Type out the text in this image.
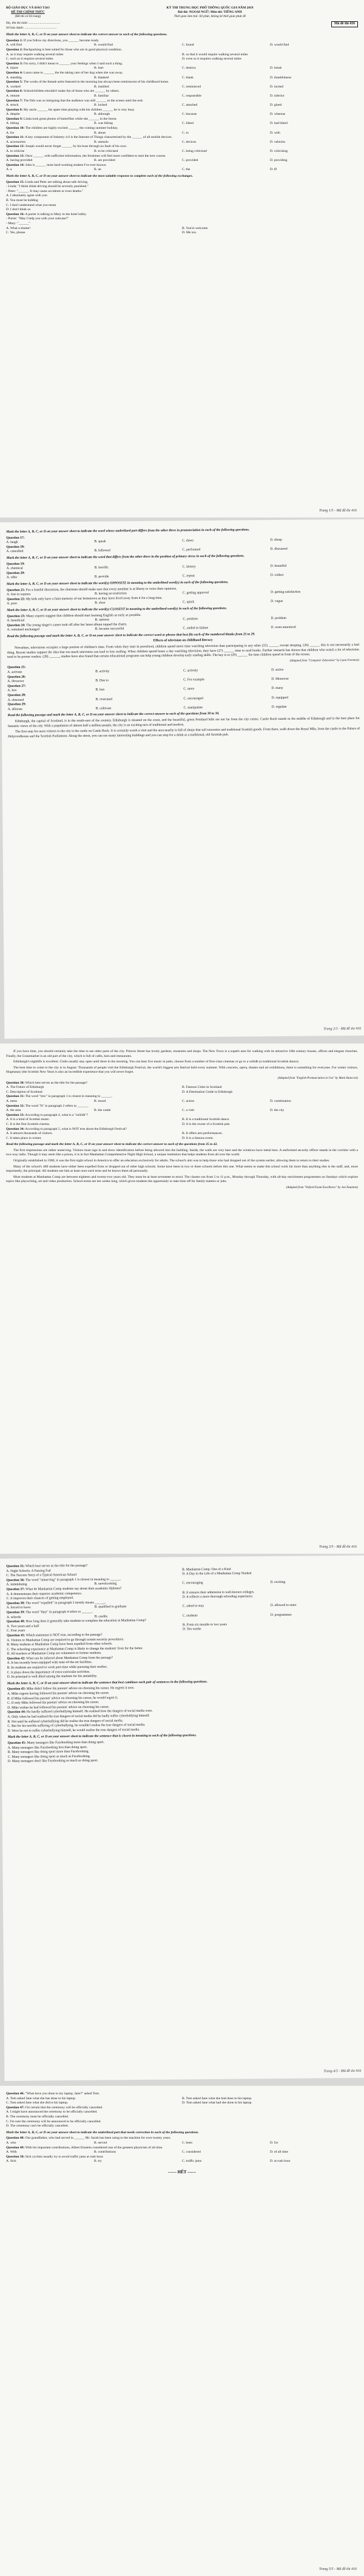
BỘ GIÁO DỤC VÀ ĐÀO TẠO
ĐỀ THI CHÍNH THỨC
(Đề thi có 04 trang)
KỲ THI TRUNG HỌC PHỔ THÔNG QUỐC GIA NĂM 2019
Bài thi: NGOẠI NGỮ; Môn thi: TIẾNG ANH
Thời gian làm bài: 60 phút, không kể thời gian phát đề
Họ, tên thí sinh: .....................................
Số báo danh: ......................................
Mã đề thi 416
Mark the letter A, B, C, or D on your answer sheet to indicate the correct answer to each of the following questions.
Question 1: If you follow my directions, you ______ become ready.
A. will find	B. would find	C. found	D. would find
Question 2: Backpacking is best suited for those who are in good physical condition.
A. as it may require walking several miles	B. so that it would require walking several miles
C. such as it requires several miles	D. even so it requires walking several miles
Question 3: I'm sorry, I didn't mean to ______ your feelings when I said such a thing.
A. injure	B. hurt	C. destroy	D. break
Question 4: Laura came to ______ the the taking care of her dog when she was away.
A. standing	B. thanked	C. thank	D. thankfulness
Question 5: The works of the female artist featured in the morning has always been reminiscent of his childhood home.
A. worked	B. instilled	C. reminisced	D. incited
Question 6: Schoolchildren shouldn't make fun of those who are ______ by others.
A. remote	B. familiar	C. responsible	D. inferior
Question 7: The film was so intriguing that the audience was still ______ to the screen until the end.
A. struck	B. locked	C. attached	D. glued
Question 8: My uncle ______ his spare time playing with his children ______ he is very busy.
A. despite	B. although	C. because	D. whereas
Question 9: Linda took great photos of butterflies while she ______ in the forest.
A. hiking	B. was hiking	C. hiked	D. had hiked
Question 10: The children are highly excited ______ the coming summer holiday.
A. for	B. about	C. to	D. with
Question 11: A key component of Industry 4.0 is the Internet of Things characterised by the ______ of all mobile devices.
A. accessories	B. utensils	C. devices	D. vehicles
Question 12: Joseph would never forget ______ by his boss through no fault of his own.
A. to criticise	B. to be criticised	C. being criticised	D. criticising
Question 13: Once ______ with sufficient information, the freshmen will feel more confident to start the new course.
A. having provided	B. are provided	C. provided	D. providing
Question 14: John is ______ most hard-working student I've ever known.
A. a	B. an	C. the	D. Ø
Mark the letter A, B, C, or D on your answer sheet to indicate the most suitable response to complete each of the following exchanges.
Question 15: Linda and Peter are talking about safe driving.
- Linda: "I think drink-driving should be severely punished."
- Peter: "______. It may cause accidents or even deaths."
A. I absolutely agree with you
B. You must be kidding
C. I don't understand what you mean
D. I don't think so
Question 16: A porter is talking to Mary in the hotel lobby.
- Porter: "May I help you with your suitcase?"
- Mary: "______"
A. What a shame!	B. You're welcome
C. Yes, please.	D. Me too.
Trang 1/5 - Mã đề thi 416
Mark the letter A, B, C, or D on your answer sheet to indicate the word whose underlined part differs from the other three in pronunciation in each of the following questions.
Question 17:
A. laugh	B. speak	C. dawn	D. sheep
Question 18:
A. cancelled	B. followed	C. performed	D. discussed
Mark the letter A, B, C, or D on your answer sheet to indicate the word that differs from the other three in the position of primary stress in each of the following questions.
Question 19:
A. chemical	B. horrific	C. history	D. beautiful
Question 20:
A. offer	B. provide	C. repeat	D. collect
Mark the letter A, B, C, or D on your answer sheet to indicate the word(s) OPPOSITE in meaning to the underlined word(s) in each of the following questions.
Question 21: For a fruitful discussion, the chairman should make sure that every member is at liberty to voice their opinions.
A. free to express	B. having no restriction	C. getting approval	D. getting satisfaction
Question 22: My kids only have a faint memory of our hometown as they have lived away from it for a long time.
A. poor	B. clear	C. quick	D. vague
Mark the letter A, B, C, or D on your answer sheet to indicate the word(s) CLOSEST in meaning to the underlined word(s) in each of the following questions.
Question 23: Many experts suggest that children should start learning English as early as possible.
A. beneficial	B. opinion	C. position	D. problem
Question 24: The young singer's career took off after her latest album topped the charts.
A. remained unchanged	B. became successful	C. ended in failure	D. went unnoticed
Read the following passage and mark the letter A, B, C, or D on your answer sheet to indicate the correct word or phrase that best fits each of the numbered blanks from 25 to 29.
Effects of television on childhood literacy
Nowadays, televisions occupies a large portion of children's time. From when they start in preschool, children spend more time watching television than participating in any other (25) ______ except sleeping. (26) ______ this is not necessarily a bad thing. Recent studies support the idea that too much television can lead to less reading. When children spend hours a day watching television, they have (27) ______ time to read books. Further research has shown that children who watch a lot of television tend to be poorer readers. (28) ______, studies have also found that certain educational programs can help young children develop early reading skills. The key is to (29) ______ the time children spend in front of the screen.
(Adapted from "Computer Education" by Lana Freeman)
Question 25:
A. activate	B. activity	C. actively	D. active
Question 26:
A. However	B. Due to	C. For example	D. Moreover
Question 27:
A. few	B. less	C. more	D. many
Question 28:
A. obsessed	B. overrated	C. encouraged	D. equipped
Question 29:
A. allocate	B. cultivate	C. manipulate	D. regulate
Read the following passage and mark the letter A, B, C, or D on your answer sheet to indicate the correct answer to each of the questions from 30 to 34.
Edinburgh, the capital of Scotland, is in the south-east of the country. Edinburgh is situated on the coast, and the beautiful, green Pentland hills are not far from the city centre. Castle Rock stands in the middle of Edinburgh and is the best place for fantastic views of the city. With a population of almost half a million people, the city is an exciting mix of traditional and modern.
The first stop for most visitors to the city is the castle on Castle Rock. It is certainly worth a visit and the area nearby is full of shops that sell souvenirs and traditional Scottish goods. From there, walk down the Royal Mile, from the castle to the Palace of Holyroodhouse and the Scottish Parliament. Along the street, you can see many interesting buildings and you can stop for a drink at a traditional, old Scottish pub.
Trang 2/5 - Mã đề thi 416
If you have time, you should certainly take the time to see other parts of the city. Princes Street has lovely gardens, museums and shops. The New Town is a superb area for walking with its attractive 18th century houses, offices and elegant churches. Finally, the Grassmarket is an old part of the city, which is full of cafés, bars and restaurants.
Edinburgh's nightlife is excellent. Clubs usually stay open until three in the morning. You can hear live music in pubs, choose from a number of first-class cinemas or go to a ceilidh (a traditional Scottish dance).
The best time to come to the city is in August. Thousands of people visit the Edinburgh Festival, the world's biggest arts festival held every summer. With concerts, opera, theatre and art exhibitions, there is something for everyone. For winter visitors, Hogmanay (the Scottish New Year) is also an incredible experience that you will never forget.
(Adapted from "English Pronunciation in Use" by Mark Hancock)
Question 30: Which best serves as the title for the passage?
A. The Future of Edinburgh	B. Famous Cities in Scotland
C. Description of Scotland	D. A Destination Guide to Edinburgh
Question 31: The word "mix" in paragraph 1 is closest in meaning to ______.
A. mess	B. mood	C. action	D. combination
Question 32: The word "It" in paragraph 2 refers to ______.
A. the area	B. the castle	C. a visit	D. the city
Question 33: According to paragraph 4, what is a "ceilidh"?
A. It is a kind of Scottish music.	B. It is a traditional Scottish dance.
C. It is the first Scottish cinema.	D. It is the owner of a Scottish pub.
Question 34: According to paragraph 5, what is NOT true about the Edinburgh Festival?
A. It attracts thousands of visitors.	B. It offers arts performances.
C. It takes place in winter.	D. It is a famous event.
Read the following passage and mark the letter A, B, C, or D on your answer sheet to indicate the correct answer to each of the questions from 35 to 42.
The first impressions are rather unnerving. Visitors must sign in and show identification before being allowed into the building. Inside, the walls are very bare and the windows have metal bars. A uniformed security officer stands in the corridor with a two-way radio. Though it may seem like a prison, it is in fact Manhattan Comprehensive Night High School, a unique institution that helps students from all over the world.
Originally established in 1980, it was the first night school in America to offer an education exclusively for adults. The school's aim was to help those who had dropped out of the system earlier, allowing them to return to their studies.
Many of the school's 400 students have either been expelled from or dropped out of other high schools. Some have been in two or three schools before this one. What seems to make this school work far more than anything else is the staff, and, more importantly, the principal. All students see him at least once each term and he knows them all personally.
Most students at Manhattan Comp are between eighteen and twenty-two years old. They must be at least seventeen to enrol. The classes run from 5 to 11 p.m., Monday through Thursday, with all-day enrichment programmes on Sundays which explore topics like playwriting, art and video production. School terms are ten weeks long, which gives students the opportunity to take time off for family matters or jobs.
(Adapted from "Oxford Exam Excellence" by Jon Naunton)
Trang 3/5 - Mã đề thi 416
Question 35: Which best serves as the title for the passage?
A. Night Schools: A Passing Fad	B. Manhattan Comp: One of a Kind
C. The Success Story of a Typical American School	D. A Day in the Life of a Manhattan Comp Student
Question 36: The word "unnerving" in paragraph 1 is closest in meaning to ______.
A. intimidating	B. unwelcoming	C. encouraging	D. exciting
Question 37: What do Manhattan Comp students say about their academic diploma?
A. It demonstrates their superior academic competence.	B. It ensures their admission to well-known colleges.
C. It improves their chances of getting employed.	D. It reflects a more thorough schooling experience.
Question 38: The word "expelled" in paragraph 3 mostly means ______.
A. forced to leave	B. qualified to graduate	C. asked to stay	D. allowed to enter
Question 39: The word "they" in paragraph 4 refers to ______.
A. schools	B. credits	C. students	D. programmes
Question 40: How long does it generally take students to complete the education at Manhattan Comp?
A. Two years and a half	B. From six months to two years
C. Four years	D. Ten weeks
Question 41: Which statement is NOT true, according to the passage?
A. Visitors to Manhattan Comp are required to go through certain security procedures.
B. Many students at Manhattan Comp have been expelled from other schools.
C. The schooling experience at Manhattan Comp is likely to change the students' lives for the better.
D. All teachers at Manhattan Comp are volunteers or former students.
Question 42: What can be inferred about Manhattan Comp from the passage?
A. It has recently been equipped with state-of-the-art facilities.
B. Its students are required to work part-time while pursuing their studies.
C. It plays down the importance of extra-curricular activities.
D. Its principal is well-liked among the students for his amiability.
Mark the letter A, B, C, or D on your answer sheet to indicate the sentence that best combines each pair of sentences in the following questions.
Question 43: Mike didn't follow his parents' advice on choosing his career. He regrets it now.
A. Mike regrets having followed his parents' advice on choosing his career.
B. If Mike followed his parents' advice on choosing his career, he would regret it.
C. If only Mike followed his parents' advice on choosing his career.
D. Mike wishes he had followed his parents' advice on choosing his career.
Question 44: He hardly suffered cyberbullying himself. He realised how the dangers of social media were.
A. Only when he had realised the true dangers of social media did he badly suffer cyberbullying himself.
B. Not until he suffered cyberbullying did he realise the true dangers of social media.
C. But for his terrible suffering of cyberbullying, he wouldn't realise the true dangers of social media.
D. Were he not to suffer cyberbullying himself, he would realise the true dangers of social media.
Mark the letter A, B, C, or D on your answer sheet to indicate the sentence that is closest in meaning to each of the following questions.
Question 45: Many teenagers like Facebooking more than doing sport.
A. Many teenagers like Facebooking less than doing sport.
B. Many teenagers like doing sport more than Facebooking.
C. Many teenagers like doing sport as much as Facebooking.
D. Many teenagers don't like Facebooking as much as doing sport.
Trang 4/5 - Mã đề thi 416
Question 46: "What have you done to my laptop, Jane?" asked Tom.
A. Tom asked Jane what she has done to his laptop.	B. Tom asked Jane what she had done to his laptop.
C. Tom asked Jane what she did to his laptop.	D. Tom asked Jane what had she done to his laptop.
Question 47: I'm certain that the ceremony will be officially cancelled.
A. I might have announced the ceremony to be officially cancelled.
B. The ceremony must be officially cancelled.
C. I'm sure the ceremony will be announced to be officially cancelled.
D. The ceremony can't be officially cancelled.
Mark the letter A, B, C, or D on your answer sheet to indicate the underlined part that needs correction in each of the following questions.
Question 48: Our grandfather, who had served in ______ Mr. Sarah has been using to the machine for over twenty years.
A. who	B. served	C. been	D. for
Question 49: With his important contributions, Albert Einstein considered one of the greatest physicists of all time.
A. With	B. contributions	C. considered	D. of all time
Question 50: Sick cyclists usually try to avoid traffic jams at rush hour.
A. Sick	B. try	C. traffic jams	D. at rush hour
------ HẾT ------
Trang 5/5 - Mã đề thi 416
